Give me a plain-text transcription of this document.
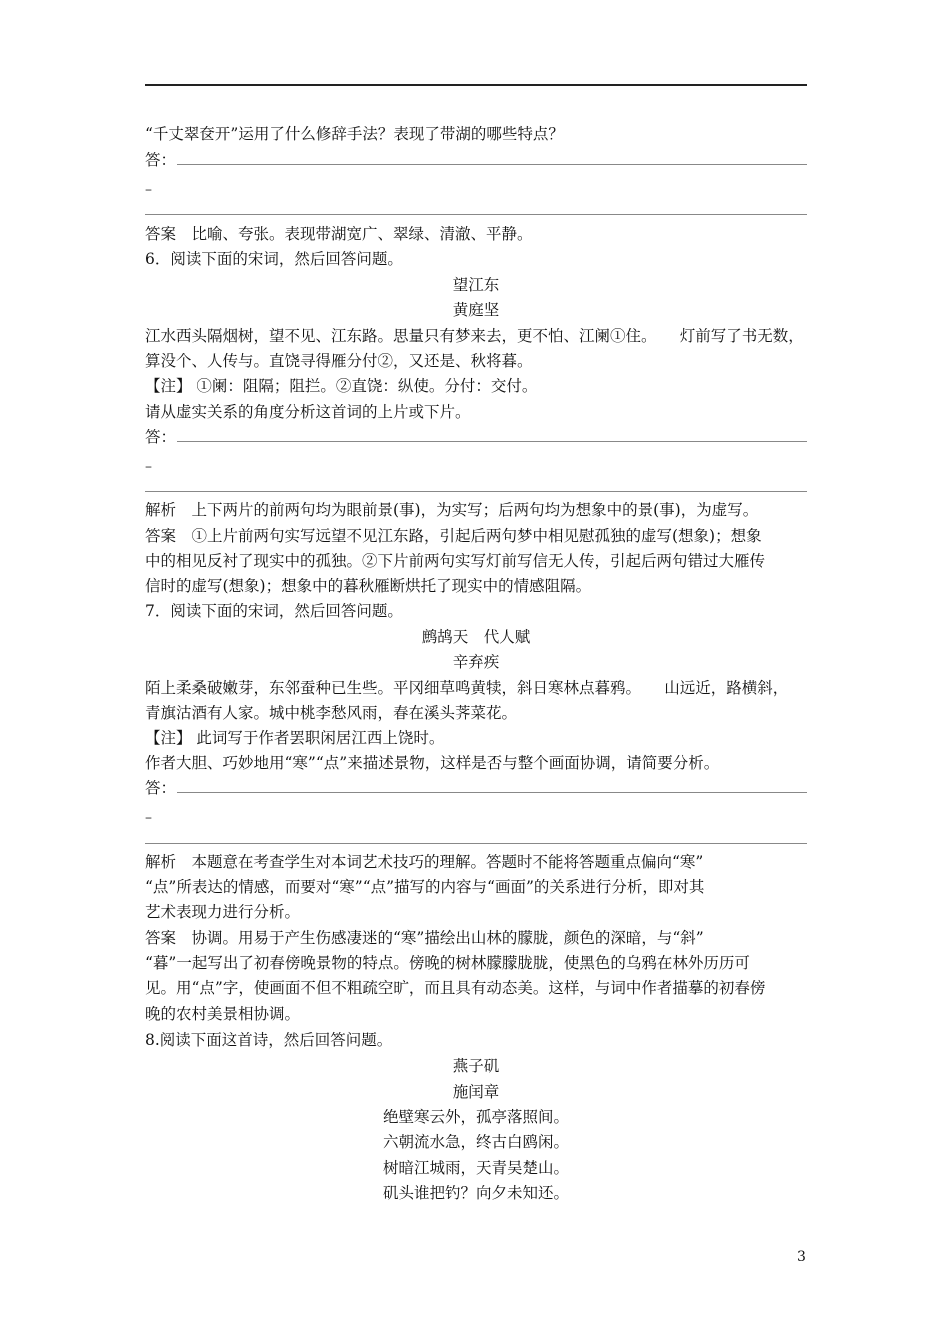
“千丈翠奁开”运用了什么修辞手法？表现了带湖的哪些特点？
答：
–
答案　比喻、夸张。表现带湖宽广、翠绿、清澈、平静。
6．阅读下面的宋词，然后回答问题。
望江东
黄庭坚
江水西头隔烟树，望不见、江东路。思量只有梦来去，更不怕、江阑①住。　　灯前写了书无数，
算没个、人传与。直饶寻得雁分付②，又还是、秋将暮。
【注】 ①阑：阻隔；阻拦。②直饶：纵使。分付：交付。
请从虚实关系的角度分析这首词的上片或下片。
答：
–
解析　上下两片的前两句均为眼前景(事)，为实写；后两句均为想象中的景(事)，为虚写。
答案　①上片前两句实写远望不见江东路，引起后两句梦中相见慰孤独的虚写(想象)；想象
中的相见反衬了现实中的孤独。②下片前两句实写灯前写信无人传，引起后两句错过大雁传
信时的虚写(想象)；想象中的暮秋雁断烘托了现实中的情感阻隔。
7．阅读下面的宋词，然后回答问题。
鹧鸪天　代人赋
辛弃疾
陌上柔桑破嫩芽，东邻蚕种已生些。平冈细草鸣黄犊，斜日寒林点暮鸦。　　山远近，路横斜，
青旗沽酒有人家。城中桃李愁风雨，春在溪头荠菜花。
【注】 此词写于作者罢职闲居江西上饶时。
作者大胆、巧妙地用“寒”“点”来描述景物，这样是否与整个画面协调，请简要分析。
答：
–
解析　本题意在考查学生对本词艺术技巧的理解。答题时不能将答题重点偏向“寒”
“点”所表达的情感，而要对“寒”“点”描写的内容与“画面”的关系进行分析，即对其
艺术表现力进行分析。
答案　协调。用易于产生伤感凄迷的“寒”描绘出山林的朦胧，颜色的深暗，与“斜”
“暮”一起写出了初春傍晚景物的特点。傍晚的树林朦朦胧胧，使黑色的乌鸦在林外历历可
见。用“点”字，使画面不但不粗疏空旷，而且具有动态美。这样，与词中作者描摹的初春傍
晚的农村美景相协调。
8.阅读下面这首诗，然后回答问题。
燕子矶
施闰章
绝壁寒云外，孤亭落照间。
六朝流水急，终古白鸥闲。
树暗江城雨，天青吴楚山。
矶头谁把钓？向夕未知还。
3
